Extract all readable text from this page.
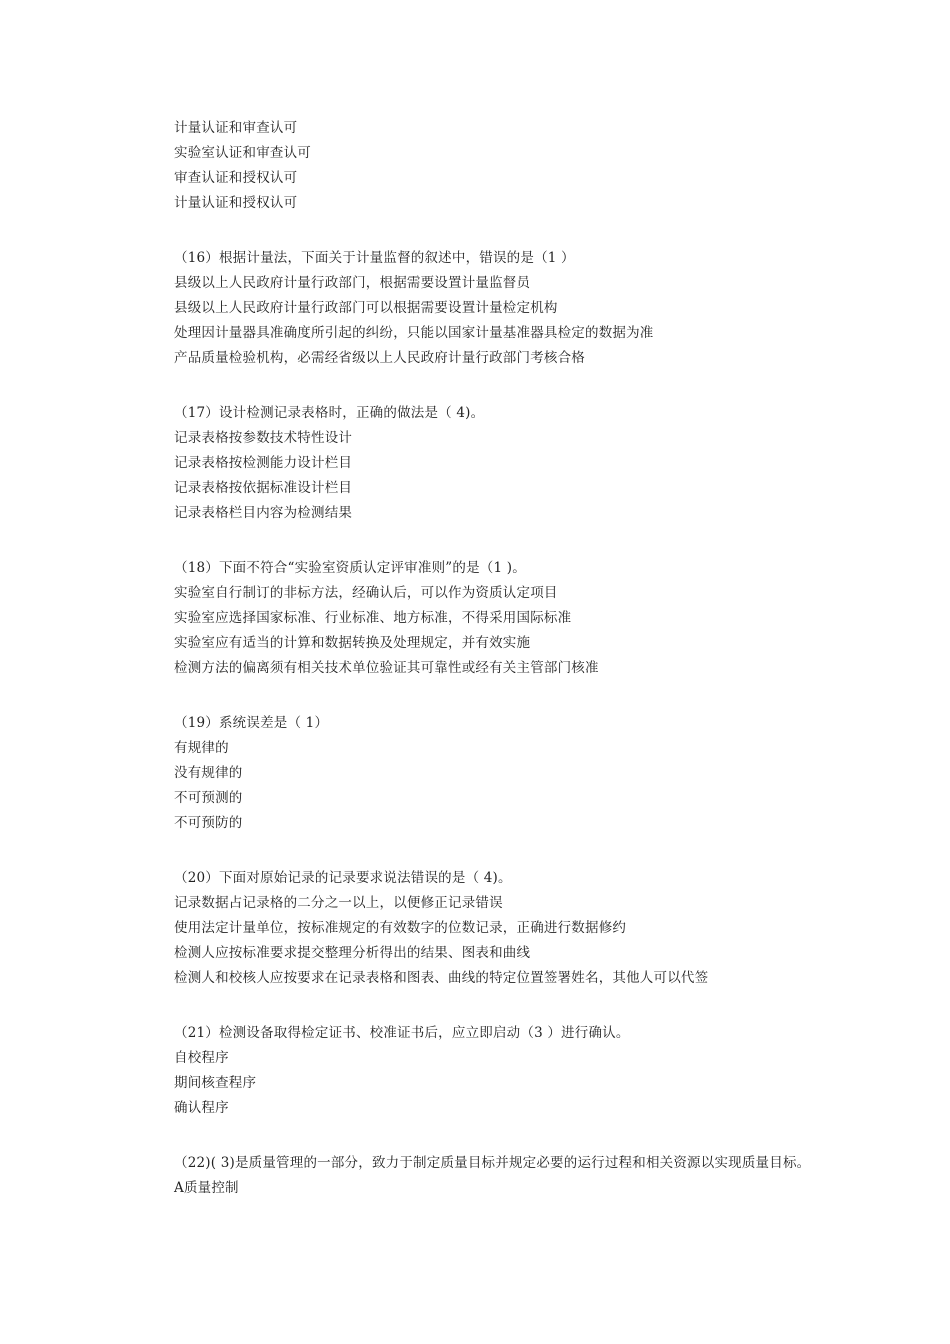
计量认证和审查认可
实验室认证和审查认可
审查认证和授权认可
计量认证和授权认可
（16）根据计量法，下面关于计量监督的叙述中，错误的是（1 ）
县级以上人民政府计量行政部门，根据需要设置计量监督员
县级以上人民政府计量行政部门可以根据需要设置计量检定机构
处理因计量器具准确度所引起的纠纷，只能以国家计量基准器具检定的数据为准
产品质量检验机构，必需经省级以上人民政府计量行政部门考核合格
（17）设计检测记录表格时，正确的做法是（ 4)。
记录表格按参数技术特性设计
记录表格按检测能力设计栏目
记录表格按依据标准设计栏目
记录表格栏目内容为检测结果
（18）下面不符合“实验室资质认定评审准则”的是（1 )。
实验室自行制订的非标方法，经确认后，可以作为资质认定项目
实验室应选择国家标准、行业标准、地方标准，不得采用国际标准
实验室应有适当的计算和数据转换及处理规定，并有效实施
检测方法的偏离须有相关技术单位验证其可靠性或经有关主管部门核准
（19）系统误差是（ 1）
有规律的
没有规律的
不可预测的
不可预防的
（20）下面对原始记录的记录要求说法错误的是（ 4)。
记录数据占记录格的二分之一以上，以便修正记录错误
使用法定计量单位，按标准规定的有效数字的位数记录，正确进行数据修约
检测人应按标准要求提交整理分析得出的结果、图表和曲线
检测人和校核人应按要求在记录表格和图表、曲线的特定位置签署姓名，其他人可以代签
（21）检测设备取得检定证书、校准证书后，应立即启动（3 ）进行确认。
自校程序
期间核查程序
确认程序
（22)( 3)是质量管理的一部分，致力于制定质量目标并规定必要的运行过程和相关资源以实现质量目标。
A质量控制
